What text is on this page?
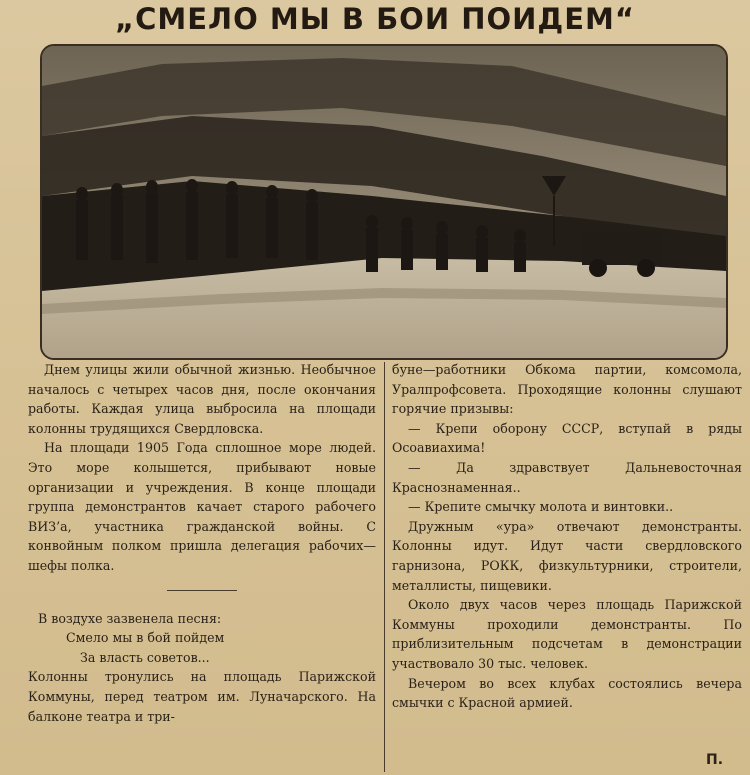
„СМЕЛО МЫ В БОИ ПОИДЕМ“

Днем улицы жили обычной жизнью. Необычное началось с четырех часов дня, после окончания работы. Каждая улица выбросила на площади колонны трудящихся Свердловска.

На площади 1905 Года сплошное море людей. Это море колышется, прибывают новые организации и учреждения. В конце площади группа демонстрантов качает старого рабочего ВИЗ’а, участника гражданской войны. С конвойным полком пришла делегация рабочих—шефы полка.

В воздухе зазвенела песня:
Смело мы в бой пойдем
За власть советов...

Колонны тронулись на площадь Парижской Коммуны, перед театром им. Луначарского. На балконе театра и три-

буне—работники Обкома партии, комсомола, Уралпрофсовета. Проходящие колонны слушают горячие призывы:

— Крепи оборону СССР, вступай в ряды Осоавиахима!

— Да здравствует Дальневосточная Краснознаменная..

— Крепите смычку молота и винтовки..

Дружным «ура» отвечают демонстранты. Колонны идут. Идут части свердловского гарнизона, РОКК, физкультурники, строители, металлисты, пищевики.

Около двух часов через площадь Парижской Коммуны проходили демонстранты. По приблизительным подсчетам в демонстрации участвовало 30 тыс. человек.

Вечером во всех клубах состоялись вечера смычки с Красной армией.

П.
